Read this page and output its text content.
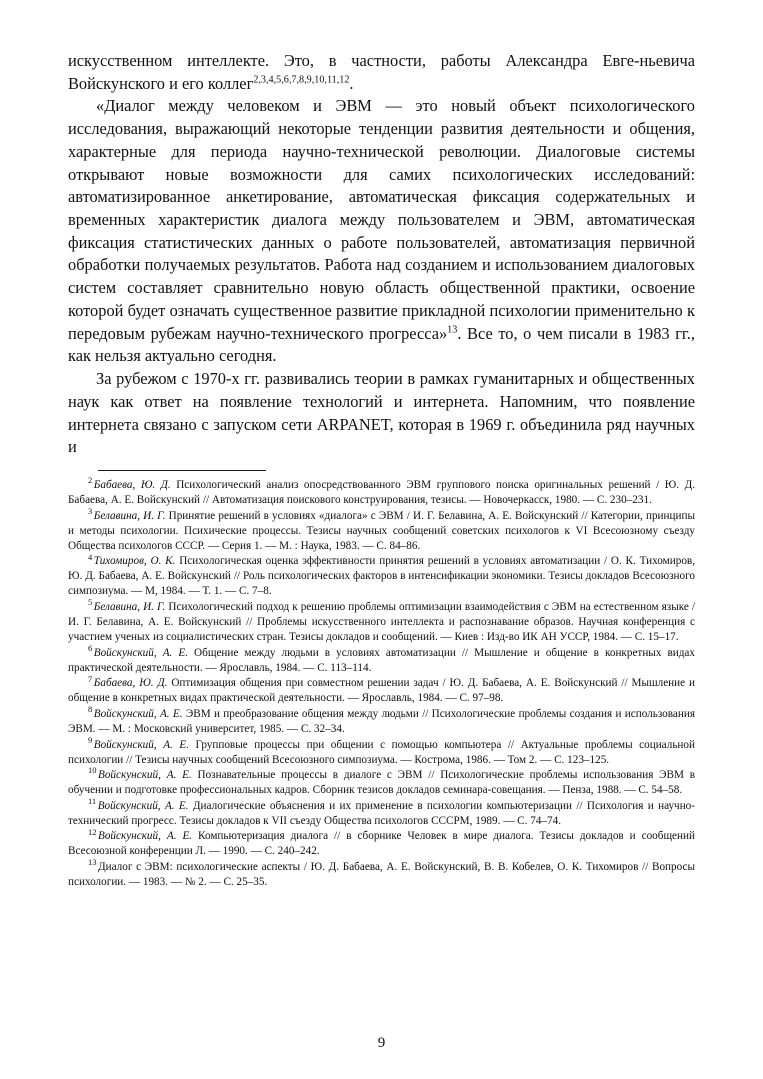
искусственном интеллекте. Это, в частности, работы Александра Евге-ньевича Войскунского и его коллег$^{2,3,4,5,6,7,8,9,10,11,12}$.

«Диалог между человеком и ЭВМ — это новый объект психологического исследования, выражающий некоторые тенденции развития деятельности и общения, характерные для периода научно-технической революции. Диалоговые системы открывают новые возможности для самих психологических исследований: автоматизированное анкетирование, автоматическая фиксация содержательных и временных характеристик диалога между пользователем и ЭВМ, автоматическая фиксация статистических данных о работе пользователей, автоматизация первичной обработки получаемых результатов. Работа над созданием и использованием диалоговых систем составляет сравнительно новую область общественной практики, освоение которой будет означать существенное развитие прикладной психологии применительно к передовым рубежам научно-технического прогресса»$^{13}$. Все то, о чем писали в 1983 гг., как нельзя актуально сегодня.

За рубежом с 1970-х гг. развивались теории в рамках гуманитарных и общественных наук как ответ на появление технологий и интернета. Напомним, что появление интернета связано с запуском сети ARPANET, которая в 1969 г. объединила ряд научных и

$^2$ Бабаева, Ю. Д. Психологический анализ опосредствованного ЭВМ группового поиска оригинальных решений / Ю. Д. Бабаева, А. Е. Войскунский // Автоматизация поискового конструирования, тезисы. — Новочеркасск, 1980. — С. 230–231.

$^3$ Белавина, И. Г. Принятие решений в условиях «диалога» с ЭВМ / И. Г. Белавина, А. Е. Войскунский // Категории, принципы и методы психологии. Психические процессы. Тезисы научных сообщений советских психологов к VI Всесоюзному съезду Общества психологов СССР. — Серия 1. — М. : Наука, 1983. — С. 84–86.

$^4$ Тихомиров, О. К. Психологическая оценка эффективности принятия решений в условиях автоматизации / О. К. Тихомиров, Ю. Д. Бабаева, А. Е. Войскунский // Роль психологических факторов в интенсификации экономики. Тезисы докладов Всесоюзного симпозиума. — М, 1984. — Т. 1. — С. 7–8.

$^5$ Белавина, И. Г. Психологический подход к решению проблемы оптимизации взаимодействия с ЭВМ на естественном языке / И. Г. Белавина, А. Е. Войскунский // Проблемы искусственного интеллекта и распознавание образов. Научная конференция с участием ученых из социалистических стран. Тезисы докладов и сообщений. — Киев : Изд-во ИК АН УССР, 1984. — С. 15–17.

$^6$ Войскунский, А. Е. Общение между людьми в условиях автоматизации // Мышление и общение в конкретных видах практической деятельности. — Ярославль, 1984. — С. 113–114.

$^7$ Бабаева, Ю. Д. Оптимизация общения при совместном решении задач / Ю. Д. Бабаева, А. Е. Войскунский // Мышление и общение в конкретных видах практической деятельности. — Ярославль, 1984. — С. 97–98.

$^8$ Войскунский, А. Е. ЭВМ и преобразование общения между людьми // Психологические проблемы создания и использования ЭВМ. — М. : Московский университет, 1985. — С. 32–34.

$^9$ Войскунский, А. Е. Групповые процессы при общении с помощью компьютера // Актуальные проблемы социальной психологии // Тезисы научных сообщений Всесоюзного симпозиума. — Кострома, 1986. — Том 2. — С. 123–125.

$^{10}$ Войскунский, А. Е. Познавательные процессы в диалоге с ЭВМ // Психологические проблемы использования ЭВМ в обучении и подготовке профессиональных кадров. Сборник тезисов докладов семинара-совещания. — Пенза, 1988. — С. 54–58.

$^{11}$ Войскунский, А. Е. Диалогические объяснения и их применение в психологии компьютеризации // Психология и научно-технический прогресс. Тезисы докладов к VII съезду Общества психологов СССРМ, 1989. — С. 74–74.

$^{12}$ Войскунский, А. Е. Компьютеризация диалога // в сборнике Человек в мире диалога. Тезисы докладов и сообщений Всесоюзной конференции Л. — 1990. — С. 240–242.

$^{13}$ Диалог с ЭВМ: психологические аспекты / Ю. Д. Бабаева, А. Е. Войскунский, В. В. Кобелев, О. К. Тихомиров // Вопросы психологии. — 1983. — № 2. — С. 25–35.

9
